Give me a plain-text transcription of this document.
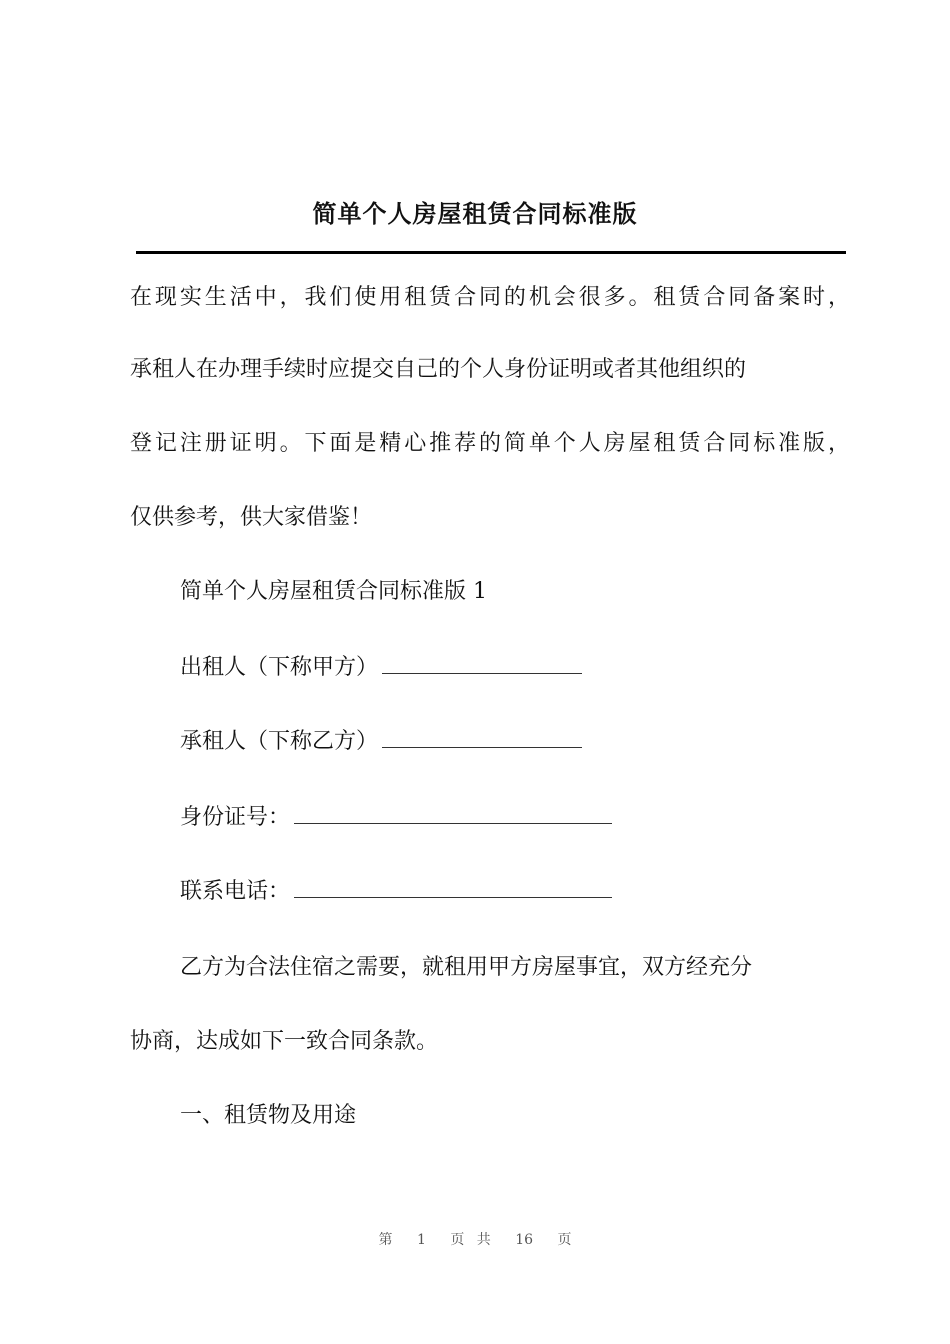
简单个人房屋租赁合同标准版
在现实生活中，我们使用租赁合同的机会很多。租赁合同备案时，
承租人在办理手续时应提交自己的个人身份证明或者其他组织的
登记注册证明。下面是精心推荐的简单个人房屋租赁合同标准版，
仅供参考，供大家借鉴！
简单个人房屋租赁合同标准版 1
出租人（下称甲方）
承租人（下称乙方）
身份证号：
联系电话：
乙方为合法住宿之需要，就租用甲方房屋事宜，双方经充分
协商，达成如下一致合同条款。
一、租赁物及用途
第 1 页 共 16 页
